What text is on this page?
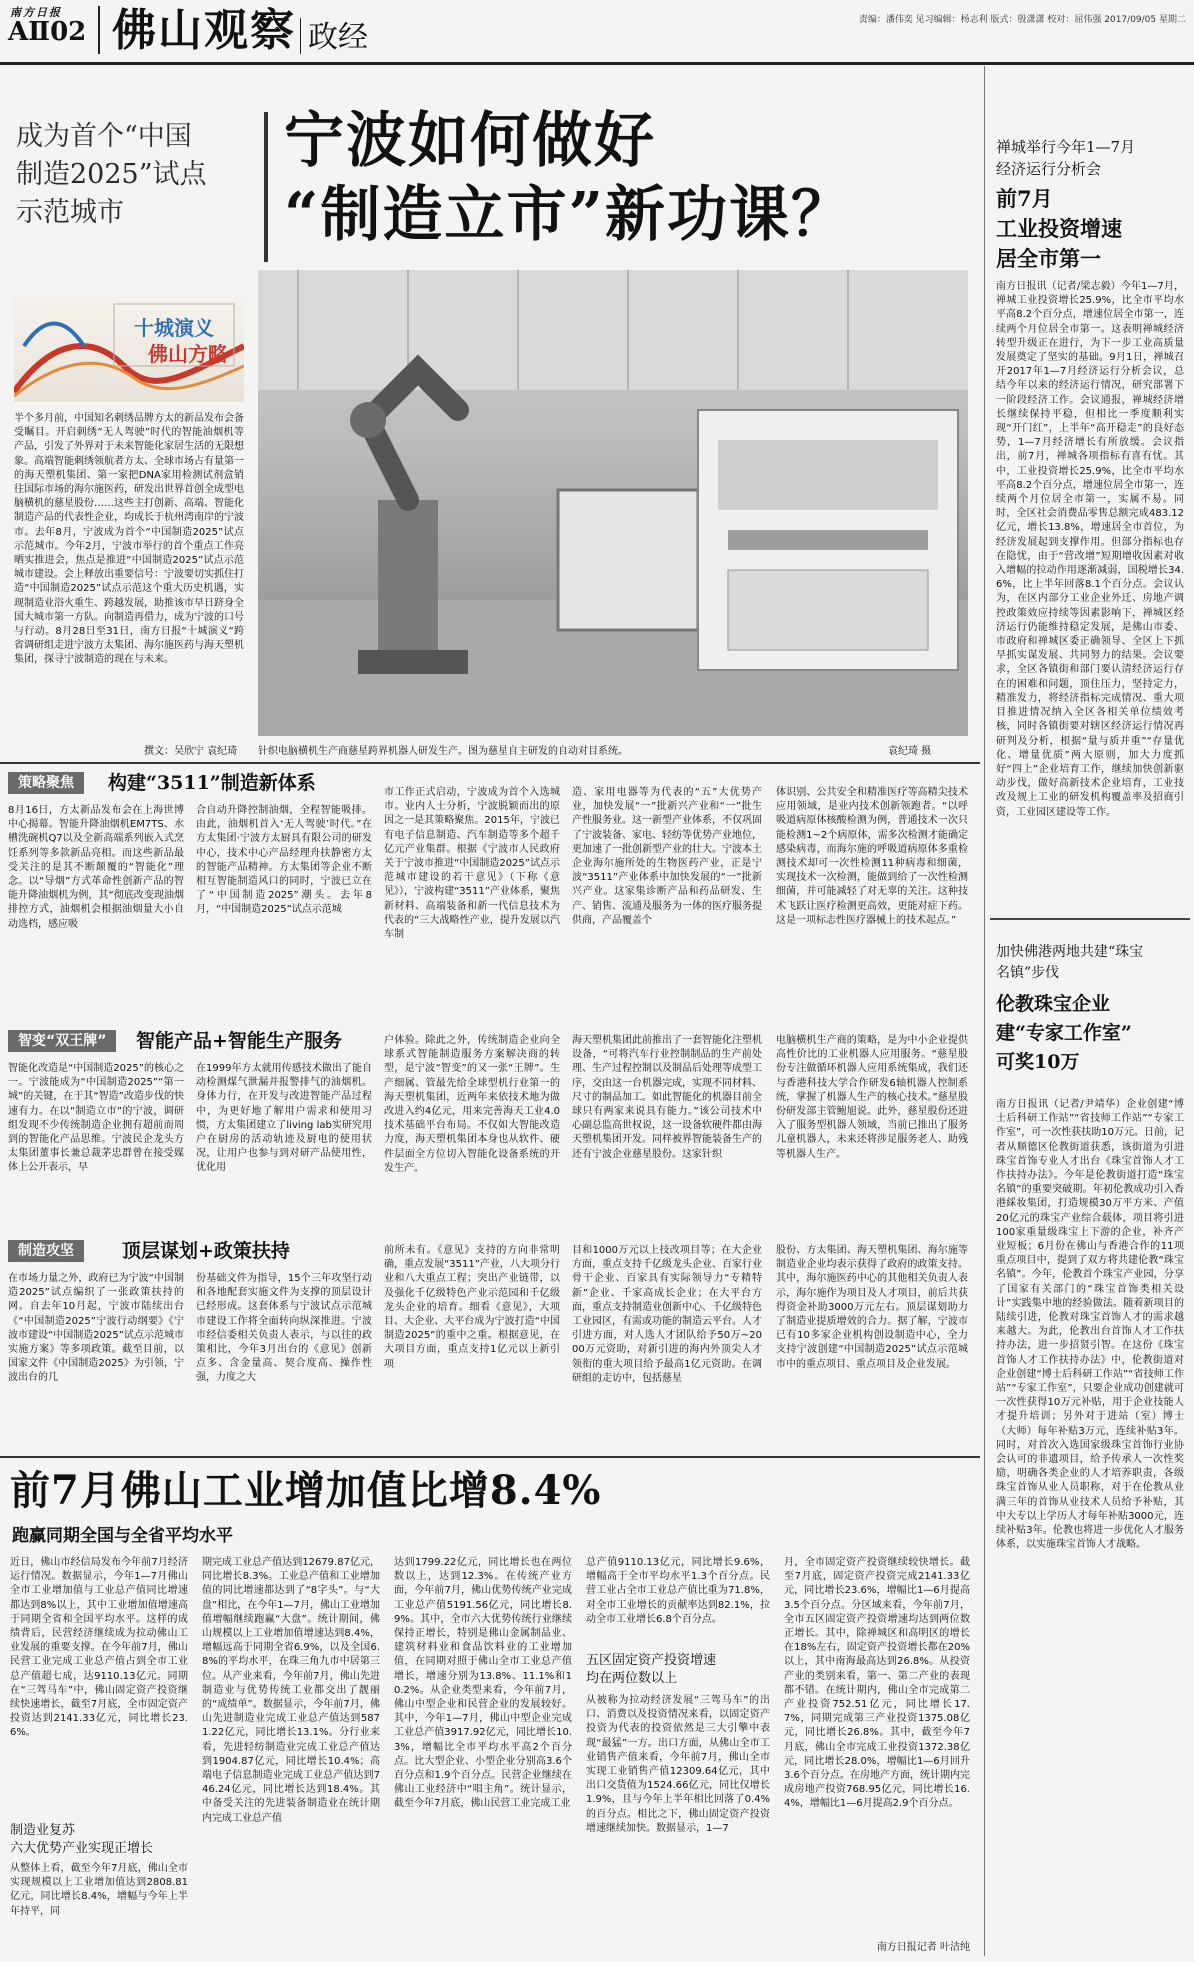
南方日报
AⅡ02 佛山观察 政经	责编：潘伟奕 见习编辑：杨志利 版式：殷潇潇 校对：屈伟强 2017/09/05 星期二
成为首个“中国
制造2025”试点
示范城市
宁波如何做好
“制造立市”新功课？
十城演义
佛山方略
半个多月前，中国知名刺绣品牌方太的新品发布会备受瞩目。开启刺绣“无人驾驶”时代的智能油烟机等产品，引发了外界对于未来智能化家居生活的无限想象。高端智能刺绣领航者方太、全球市场占有量第一的海天塑机集团、第一家把DNA家用检测试剂盒销往国际市场的海尔施医药，研发出世界首创全成型电脑横机的慈星股份……这些主打创新、高端、智能化制造产品的代表性企业，均成长于杭州湾南岸的宁波市。去年8月，宁波成为首个“中国制造2025”试点示范城市。今年2月，宁波市举行的首个重点工作亮晒实推进会，焦点是推进“中国制造2025”试点示范城市建设。会上释放出重要信号：宁波要切实抓住打造“中国制造2025”试点示范这个重大历史机遇，实现制造业浴火重生、跨越发展，助推该市早日跻身全国大城市第一方队。向制造再借力，成为宁波的口号与行动。8月28日至31日，南方日报“十城演义”跨省调研组走进宁波方太集团、海尔施医药与海天塑机集团，探寻宁波制造的现在与未来。
撰文：吴欣宁 袁纪琦 针织电脑横机生产商慈星跨界机器人研发生产。图为慈星自主研发的自动对目系统。	袁纪琦 摄
策略聚焦	构建“3511”制造新体系
8月16日，方太新品发布会在上海世博中心揭幕。智能升降油烟机EM7TS、水槽洗碗机Q7以及全新高端系列嵌入式烹饪系列等多款新品亮相。而这些新品最受关注的是其不断颠覆的“智能化”理念。以“导烟”方式革命性创新产品的智能升降油烟机为例，其“彻底改变现油烟排控方式，油烟机会根据油烟量大小自动选档，感应吸
合自动升降控制油烟，全程智能吸排。由此，油烟机首入‘无人驾驶’时代。”在方太集团·宁波方太厨具有限公司的研发中心，技术中心产品经理舟扶静密方太的智能产品精神。方太集团等企业不断相互智能制造风口的同时，宁波已立在了“中国制造2025”潮头。去年8月，“中国制造2025”试点示范城
市工作正式启动，宁波成为首个入选城市。业内人士分析，宁波脱颖而出的原因之一是其策略聚焦。2015年，宁波已有电子信息制造、汽车制造等多个超千亿元产业集群。根据《宁波市人民政府关于宁波市推进“中国制造2025”试点示范城市建设的若干意见》（下称《意见》），宁波构建“3511”产业体系，聚焦新材料、高端装备和新一代信息技术为代表的“三大战略性产业，提升发展以汽车制
造、家用电器等为代表的“五”大优势产业，加快发展“一”批新兴产业和“一”批生产性服务业。这一新型产业体系，不仅巩固了宁波装备、家电、轻纺等优势产业地位，更加速了一批创新型产业的壮大。宁波本土企业海尔施所处的生物医药产业，正是宁波“3511”产业体系中加快发展的“一”批新兴产业。这家集诊断产品和药品研发、生产、销售、流通及服务为一体的医疗服务提供商，产品覆盖个
体识别、公共安全和精准医疗等高精尖技术应用领域，是业内技术创新领跑者。“以呼吸道病原体核酸检测为例，普通技术一次只能检测1~2个病原体，需多次检测才能确定感染病毒，而海尔施的呼吸道病原体多重检测技术却可一次性检测11种病毒和细菌，实现技术一次检测，能做到给了一次性检测细菌，并可能减轻了对无辜的关注。这种技术飞跃让医疗检测更高效，更能对症下药。这是一项标志性医疗器械上的技术起点。”
智变“双王牌”	智能产品+智能生产服务
智能化改造是“中国制造2025”的核心之一。宁波能成为“中国制造2025”“第一城”的关键，在于其“智造”改造步伐的快速有力。在以“制造立市”的宁波，调研组发现不少传统制造企业拥有超前而周到的智能化产品思维。宁波民企龙头方太集团董事长兼总裁茅忠群曾在接受媒体上公开表示，早
在1999年方太就用传感技术做出了能自动检测煤气泄漏并报警排气的油烟机。身体力行，在开发与改进智能产品过程中，为更好地了解用户需求和使用习惯，方太集团建立了living lab实研究用户在厨房的活动轨迹及厨电的使用状况，让用户也参与到对研产品使用性，优化用
户体验。除此之外，传统制造企业向全球系式智能制造服务方案解决商的转型，是宁波“智变”的又一张“王牌”。生产细属、管最先给全球型机行业第一的海天塑机集团，近两年来依技术地为做改进入约4亿元，用来完善海天工业4.0技术基础平台布局。不仅如大智能改造力度，海天塑机集团本身也从软件、硬件层面全方位切入智能化设备系统的开发生产。
海天塑机集团此前推出了一套智能化注塑机设备，“可将汽车行业控制制品的生产前处理、生产过程控制以及制品后处理等成型工序，交由这一台机器完成，实现不同材料、尺寸的制品加工。如此智能化的机器目前全球只有两家来说具有能力。”该公司技术中心副总监高世权说，这一设备软硬件都由海天塑机集团开发。同样被界智能装备生产的还有宁波企业慈星股份。这家针织
电脑横机生产商的策略，是为中小企业提供高性价比的工业机器人应用服务。“慈星股份专注做循环机器人应用系统集成，我们还与香港科技大学合作研发6轴机器人控制系统，掌握了机器人生产的核心技术。”慈星股份研发部主管鲍旭说。此外，慈星股份还进入了服务型机器人领域，当前已推出了服务儿童机器人，未来还将涉足服务老人、助残等机器人生产。
制造攻坚	顶层谋划+政策扶持
在市场力量之外，政府已为宁波“中国制造2025”试点编织了一张政策扶持的网。自去年10月起，宁波市陆续出台《“中国制造2025”宁波行动纲要》《宁波市建设“中国制造2025”试点示范城市实施方案》等多项政策。截至目前，以国家文件《中国制造2025》为引领，宁波出台的几
份基础文件为指导，15个三年攻坚行动和各地配套实施文件为支撑的顶层设计已经形成。这套体系与宁波试点示范城市建设工作将全面转向纵深推进。宁波市经信委相关负责人表示，与以往的政策相比，今年3月出台的《意见》创新点多、含金量高、契合度高、操作性强，力度之大
前所未有。《意见》支持的方向非常明确，重点发展“3511”产业，八大项分行业和八大重点工程；突出产业链带，以及强化千亿级特色产业示范园和千亿级龙头企业的培育。细看《意见》，大项目、大企业、大平台成为宁波打造“中国制造2025”的重中之重。根据意见，在大项目方面，重点支持1亿元以上新引项
目和1000万元以上技改项目等；在大企业方面，重点支持千亿级龙头企业、百家行业骨干企业、百家具有实际领导力“专精特新”企业、千家高成长企业；在大平台方面，重点支持制造业创新中心、千亿级特色工业园区，有需或功能的制造云平台。人才引进方面，对人选人才团队给予50万~2000万元资助，对新引进的海内外顶尖人才领衔的重大项目给予最高1亿元资助。在调研组的走访中，包括慈星
股份、方太集团、海天塑机集团、海尔施等制造业企业均表示获得了政府的政策支持。其中，海尔施医药中心的其他相关负责人表示，海尔施作为项目及人才项目，前后共获得资金补助3000万元左右。顶层谋划助力了制造业提质增效的合力。据了解，宁波市已有10多家企业机构创设制造中心，全力支持宁波创建“中国制造2025”试点示范城市中的重点项目、重点项目及企业发展。
禅城举行今年1—7月
经济运行分析会
前7月
工业投资增速
居全市第一
南方日报讯（记者/梁志毅）今年1—7月，禅城工业投资增长25.9%，比全市平均水平高8.2个百分点，增速位居全市第一，连续两个月位居全市第一。这表明禅城经济转型升级正在进行，为下一步工业高质量发展奠定了坚实的基础。9月1日，禅城召开2017年1—7月经济运行分析会议，总结今年以来的经济运行情况，研究部署下一阶段经济工作。会议通报，禅城经济增长继续保持平稳，但相比一季度顺利实现“开门红”，上半年“高开稳走”的良好态势，1—7月经济增长有所放缓。会议指出，前7月，禅城各项指标有喜有忧。其中，工业投资增长25.9%，比全市平均水平高8.2个百分点，增速位居全市第一，连续两个月位居全市第一，实属不易。同时，全区社会消费品零售总额完成483.12亿元，增长13.8%，增速居全市首位，为经济发展起到支撑作用。但部分指标也存在隐忧，由于“营改增”短期增收因素对收入增幅的拉动作用逐渐减弱，国税增长34.6%，比上半年回落8.1个百分点。会议认为，在区内部分工业企业外迁、房地产调控政策效应持续等因素影响下，禅城区经济运行仍能维持稳定发展，是佛山市委、市政府和禅城区委正确领导、全区上下抓早抓实谋发展、共同努力的结果。会议要求，全区各镇街和部门要认清经济运行存在的困难和问题，顶住压力，坚持定力，精准发力，将经济指标完成情况、重大项目推进情况纳入全区各相关单位绩效考核，同时各镇街要对辖区经济运行情况再研判及分析，根据“量与质并重”“存量优化、增量优质”两大原则，加大力度抓好“四上”企业培育工作，继续加快创新驱动步伐，做好高新技术企业培育，工业技改及规上工业的研发机构覆盖率及招商引资，工业园区建设等工作。
加快佛港两地共建“珠宝
名镇”步伐
伦教珠宝企业
建“专家工作室”
可奖10万
南方日报讯（记者/尹靖华）企业创建“博士后科研工作站”“省技师工作站”“专家工作室”，可一次性获扶助10万元。日前，记者从顺德区伦教街道获悉，该街道为引进珠宝首饰专业人才出台《珠宝首饰人才工作扶持办法》。今年是伦教街道打造“珠宝名镇”的重要突破期。年初伦教成功引入香港綵妆集团，打造规模30万平方米、产值20亿元的珠宝产业综合载体，项目将引进100家重量级珠宝上下游的企业，补齐产业短板；6月份在佛山与香港合作的11项重点项目中，提到了双方将共建伦教“珠宝名镇”。今年，伦教首个珠宝产业园，分享了国家有关部门的“珠宝首饰类相关设计”实践集中地的经验做法。随着新项目的陆续引进，伦教对珠宝首饰人才的需求越来越大。为此，伦教出台首饰人才工作扶持办法，进一步招贤引智。在这份《珠宝首饰人才工作扶持办法》中，伦教街道对企业创建“博士后科研工作站”“省技师工作站”“专家工作室”，只要企业成功创建就可一次性获得10万元补贴，用于企业技能人才提升培训；另外对于进站（室）博士（大师）每年补贴3万元，连续补贴3年。同时，对首次入选国家级珠宝首饰行业协会认可的非遗项目，给予传承人一次性奖励，明确各类企业的人才培养职责，各级珠宝首饰从业人员职称，对于在伦教从业满三年的首饰从业技术人员给予补贴，其中大专以上学历人才每年补贴3000元，连续补贴3年。伦教也将进一步优化人才服务体系，以实施珠宝首饰人才战略。
前7月佛山工业增加值比增8.4%
跑赢同期全国与全省平均水平
近日，佛山市经信局发布今年前7月经济运行情况。数据显示，今年1—7月佛山全市工业增加值与工业总产值同比增速都达到8%以上，其中工业增加值增速高于同期全省和全国平均水平。这样的成绩背后，民营经济继续成为拉动佛山工业发展的重要支撑。在今年前7月，佛山民营工业完成工业总产值占到全市工业总产值超七成，达9110.13亿元。同期在“三驾马车”中，佛山固定资产投资继续快速增长，截至7月底，全市固定资产投资达到2141.33亿元，同比增长23.6%。
制造业复苏
六大优势产业实现正增长
从整体上看，截至今年7月底，佛山全市实现规模以上工业增加值达到2808.81亿元，同比增长8.4%，增幅与今年上半年持平，同
期完成工业总产值达到12679.87亿元，同比增长8.3%。工业总产值和工业增加值的同比增速都达到了“8字头”。与“大盘”相比，在今年1—7月，佛山工业增加值增幅继续跑赢“大盘”。统计期间，佛山规模以上工业增加值增速达到8.4%，增幅远高于同期全省6.9%，以及全国6.8%的平均水平，在珠三角九市中居第三位。从产业来看，今年前7月，佛山先进制造业与优势传统工业都交出了靓丽的“成绩单”。数据显示，今年前7月，佛山先进制造业完成工业总产值达到5871.22亿元，同比增长13.1%。分行业来看，先进轻纺制造业完成工业总产值达到1904.87亿元，同比增长10.4%；高端电子信息制造业完成工业总产值达到746.24亿元，同比增长达到18.4%。其中备受关注的先进装备制造业在统计期内完成工业总产值
达到1799.22亿元，同比增长也在两位数以上，达到12.3%。在传统产业方面，今年前7月，佛山优势传统产业完成工业总产值5191.56亿元，同比增长8.9%。其中，全市六大优势传统行业继续保持正增长，特别是佛山金属制品业、建筑材料业和食品饮料业的工业增加值，在同期对照于佛山全市工业总产值增长，增速分别为13.8%、11.1%和10.2%。从企业类型来看，今年前7月，佛山中型企业和民营企业的发展较好。其中，今年1—7月，佛山中型企业完成工业总产值3917.92亿元，同比增长10.3%，增幅比全市平均水平高2个百分点。比大型企业、小型企业分别高3.6个百分点和1.9个百分点。民营企业继续在佛山工业经济中“唱主角”。统计显示，截至今年7月底，佛山民营工业完成工业
总产值9110.13亿元，同比增长9.6%，增幅高于全市平均水平1.3个百分点。民营工业占全市工业总产值比重为71.8%，对全市工业增长的贡献率达到82.1%，拉动全市工业增长6.8个百分点。
五区固定资产投资增速
均在两位数以上
从被称为拉动经济发展“三驾马车”的出口、消费以及投资情况来看，以固定资产投资为代表的投资依然是三大引擎中表现“最猛”一方。出口方面，从佛山全市工业销售产值来看，今年前7月，佛山全市实现工业销售产值12309.64亿元，其中出口交货值为1524.66亿元，同比仅增长1.9%，且与今年上半年相比回落了0.4%的百分点。相比之下，佛山固定资产投资增速继续加快。数据显示，1—7
月，全市固定资产投资继续较快增长。截至7月底，固定资产投资完成2141.33亿元，同比增长23.6%，增幅比1—6月提高3.5个百分点。分区域来看，今年前7月，全市五区固定资产投资增速均达到两位数正增长。其中，除禅城区和高明区的增长在18%左右，固定资产投资增长都在20%以上，其中南海最高达到26.8%。从投资产业的类别来看，第一、第二产业的表现都不错。在统计期内，佛山全市完成第二产业投资752.51亿元，同比增长17.7%，同期完成第三产业投资1375.08亿元，同比增长26.8%。其中，截至今年7月底，佛山全市完成工业投资1372.38亿元，同比增长28.0%，增幅比1—6月回升3.6个百分点。在房地产方面，统计期内完成房地产投资768.95亿元，同比增长16.4%，增幅比1—6月提高2.9个百分点。
南方日报记者 叶洁纯
